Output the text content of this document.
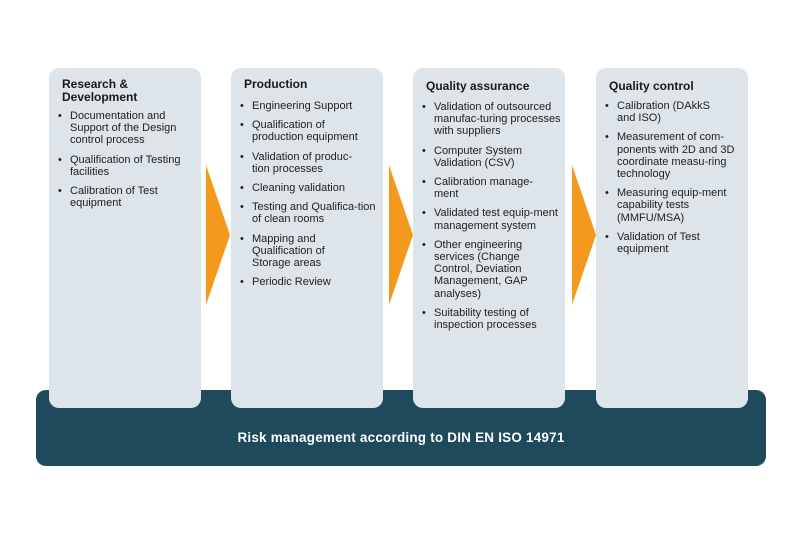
Risk management according to DIN EN ISO 14971
Research & Development
• Documentation and Support of the Design control process
• Qualification of Testing facilities
• Calibration of Test equipment
Production
• Engineering Support
• Qualification of production equipment
• Validation of produc-tion processes
• Cleaning validation
• Testing and Qualifica-tion of clean rooms
• Mapping and Qualification of Storage areas
• Periodic Review
Quality assurance
• Validation of outsourced manufac-turing processes with suppliers
• Computer System Validation (CSV)
• Calibration manage-ment
• Validated test equip-ment management system
• Other engineering services (Change Control, Deviation Management, GAP analyses)
• Suitability testing of inspection processes
Quality control
• Calibration (DAkkS and ISO)
• Measurement of com-ponents with 2D and 3D coordinate measu-ring technology
• Measuring equip-ment capability tests (MMFU/MSA)
• Validation of Test equipment
